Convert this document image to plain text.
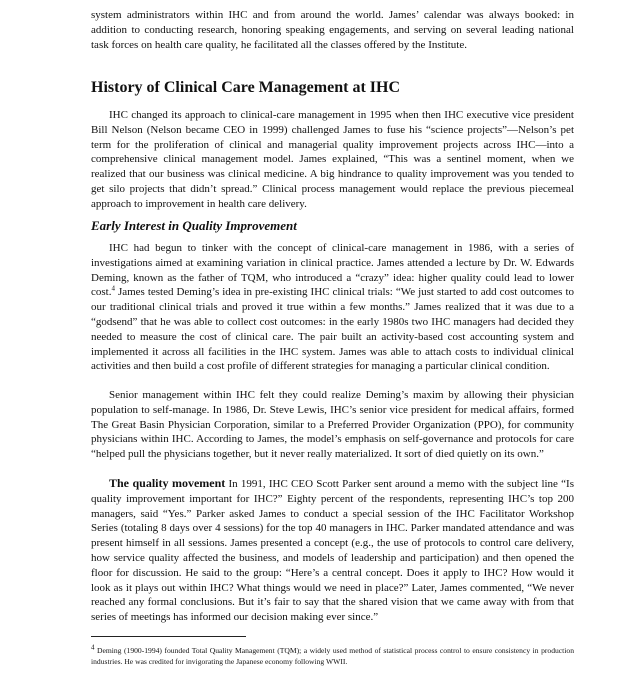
system administrators within IHC and from around the world. James’ calendar was always booked: in addition to conducting research, honoring speaking engagements, and serving on several leading national task forces on health care quality, he facilitated all the classes offered by the Institute.

History of Clinical Care Management at IHC

IHC changed its approach to clinical-care management in 1995 when then IHC executive vice president Bill Nelson (Nelson became CEO in 1999) challenged James to fuse his “science projects”—Nelson’s pet term for the proliferation of clinical and managerial quality improvement projects across IHC—into a comprehensive clinical management model. James explained, “This was a sentinel moment, when we realized that our business was clinical medicine. A big hindrance to quality improvement was you tended to get silo projects that didn’t spread.” Clinical process management would replace the previous piecemeal approach to improvement in health care delivery.

Early Interest in Quality Improvement

IHC had begun to tinker with the concept of clinical-care management in 1986, with a series of investigations aimed at examining variation in clinical practice. James attended a lecture by Dr. W. Edwards Deming, known as the father of TQM, who introduced a “crazy” idea: higher quality could lead to lower cost.$^4$ James tested Deming’s idea in pre-existing IHC clinical trials: “We just started to add cost outcomes to our traditional clinical trials and proved it true within a few months.” James realized that it was due to a “godsend” that he was able to collect cost outcomes: in the early 1980s two IHC managers had decided they needed to measure the cost of clinical care. The pair built an activity-based cost accounting system and implemented it across all facilities in the IHC system. James was able to attach costs to individual clinical activities and then build a cost profile of different strategies for managing a particular clinical condition.

Senior management within IHC felt they could realize Deming’s maxim by allowing their physician population to self-manage. In 1986, Dr. Steve Lewis, IHC’s senior vice president for medical affairs, formed The Great Basin Physician Corporation, similar to a Preferred Provider Organization (PPO), for community physicians within IHC. According to James, the model’s emphasis on self-governance and protocols for care “helped pull the physicians together, but it never really materialized. It sort of died quietly on its own.”

The quality movement In 1991, IHC CEO Scott Parker sent around a memo with the subject line “Is quality improvement important for IHC?” Eighty percent of the respondents, representing IHC’s top 200 managers, said “Yes.” Parker asked James to conduct a special session of the IHC Facilitator Workshop Series (totaling 8 days over 4 sessions) for the top 40 managers in IHC. Parker mandated attendance and was present himself in all sessions. James presented a concept (e.g., the use of protocols to control care delivery, how service quality affected the business, and models of leadership and participation) and then opened the floor for discussion. He said to the group: “Here’s a central concept. Does it apply to IHC? How would it look as it plays out within IHC? What things would we need in place?” Later, James commented, “We never reached any formal conclusions. But it’s fair to say that the shared vision that we came away with from that series of meetings has informed our decision making ever since.”

$^4$ Deming (1900-1994) founded Total Quality Management (TQM); a widely used method of statistical process control to ensure consistency in production industries. He was credited for invigorating the Japanese economy following WWII.
